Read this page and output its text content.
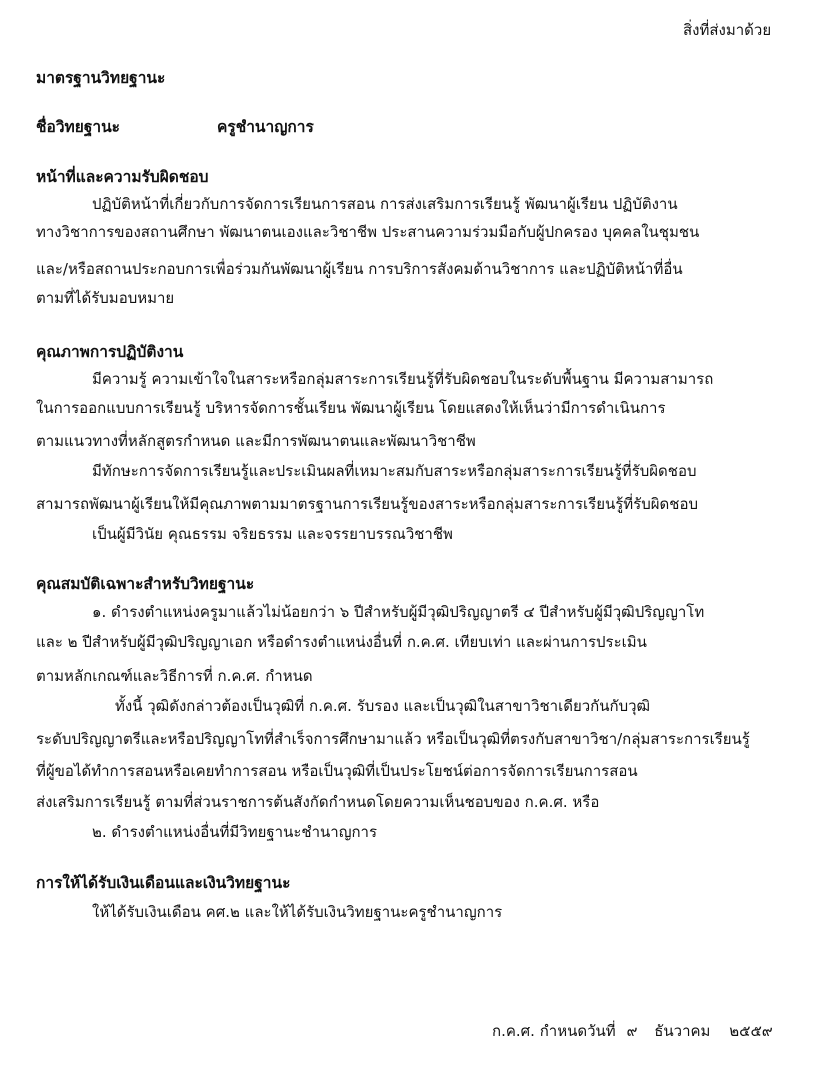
สิ่งที่ส่งมาด้วย
มาตรฐานวิทยฐานะ
ชื่อวิทยฐานะ	ครูชำนาญการ
หน้าที่และความรับผิดชอบ
ปฏิบัติหน้าที่เกี่ยวกับการจัดการเรียนการสอน การส่งเสริมการเรียนรู้ พัฒนาผู้เรียน ปฏิบัติงาน
ทางวิชาการของสถานศึกษา พัฒนาตนเองและวิชาชีพ ประสานความร่วมมือกับผู้ปกครอง บุคคลในชุมชน
และ/หรือสถานประกอบการเพื่อร่วมกันพัฒนาผู้เรียน การบริการสังคมด้านวิชาการ และปฏิบัติหน้าที่อื่น
ตามที่ได้รับมอบหมาย
คุณภาพการปฏิบัติงาน
มีความรู้ ความเข้าใจในสาระหรือกลุ่มสาระการเรียนรู้ที่รับผิดชอบในระดับพื้นฐาน มีความสามารถ
ในการออกแบบการเรียนรู้ บริหารจัดการชั้นเรียน พัฒนาผู้เรียน โดยแสดงให้เห็นว่ามีการดำเนินการ
ตามแนวทางที่หลักสูตรกำหนด และมีการพัฒนาตนและพัฒนาวิชาชีพ
มีทักษะการจัดการเรียนรู้และประเมินผลที่เหมาะสมกับสาระหรือกลุ่มสาระการเรียนรู้ที่รับผิดชอบ
สามารถพัฒนาผู้เรียนให้มีคุณภาพตามมาตรฐานการเรียนรู้ของสาระหรือกลุ่มสาระการเรียนรู้ที่รับผิดชอบ
เป็นผู้มีวินัย คุณธรรม จริยธรรม และจรรยาบรรณวิชาชีพ
คุณสมบัติเฉพาะสำหรับวิทยฐานะ
๑. ดำรงตำแหน่งครูมาแล้วไม่น้อยกว่า ๖ ปีสำหรับผู้มีวุฒิปริญญาตรี ๔ ปีสำหรับผู้มีวุฒิปริญญาโท
และ ๒ ปีสำหรับผู้มีวุฒิปริญญาเอก หรือดำรงตำแหน่งอื่นที่ ก.ค.ศ. เทียบเท่า และผ่านการประเมิน
ตามหลักเกณฑ์และวิธีการที่ ก.ค.ศ. กำหนด
ทั้งนี้ วุฒิดังกล่าวต้องเป็นวุฒิที่ ก.ค.ศ. รับรอง และเป็นวุฒิในสาขาวิชาเดียวกันกับวุฒิ
ระดับปริญญาตรีและหรือปริญญาโทที่สำเร็จการศึกษามาแล้ว หรือเป็นวุฒิที่ตรงกับสาขาวิชา/กลุ่มสาระการเรียนรู้
ที่ผู้ขอได้ทำการสอนหรือเคยทำการสอน หรือเป็นวุฒิที่เป็นประโยชน์ต่อการจัดการเรียนการสอน
ส่งเสริมการเรียนรู้ ตามที่ส่วนราชการต้นสังกัดกำหนดโดยความเห็นชอบของ ก.ค.ศ. หรือ
๒. ดำรงตำแหน่งอื่นที่มีวิทยฐานะชำนาญการ
การให้ได้รับเงินเดือนและเงินวิทยฐานะ
ให้ได้รับเงินเดือน คศ.๒ และให้ได้รับเงินวิทยฐานะครูชำนาญการ
ก.ค.ศ. กำหนดวันที่ ๙ ธันวาคม ๒๕๕๙
